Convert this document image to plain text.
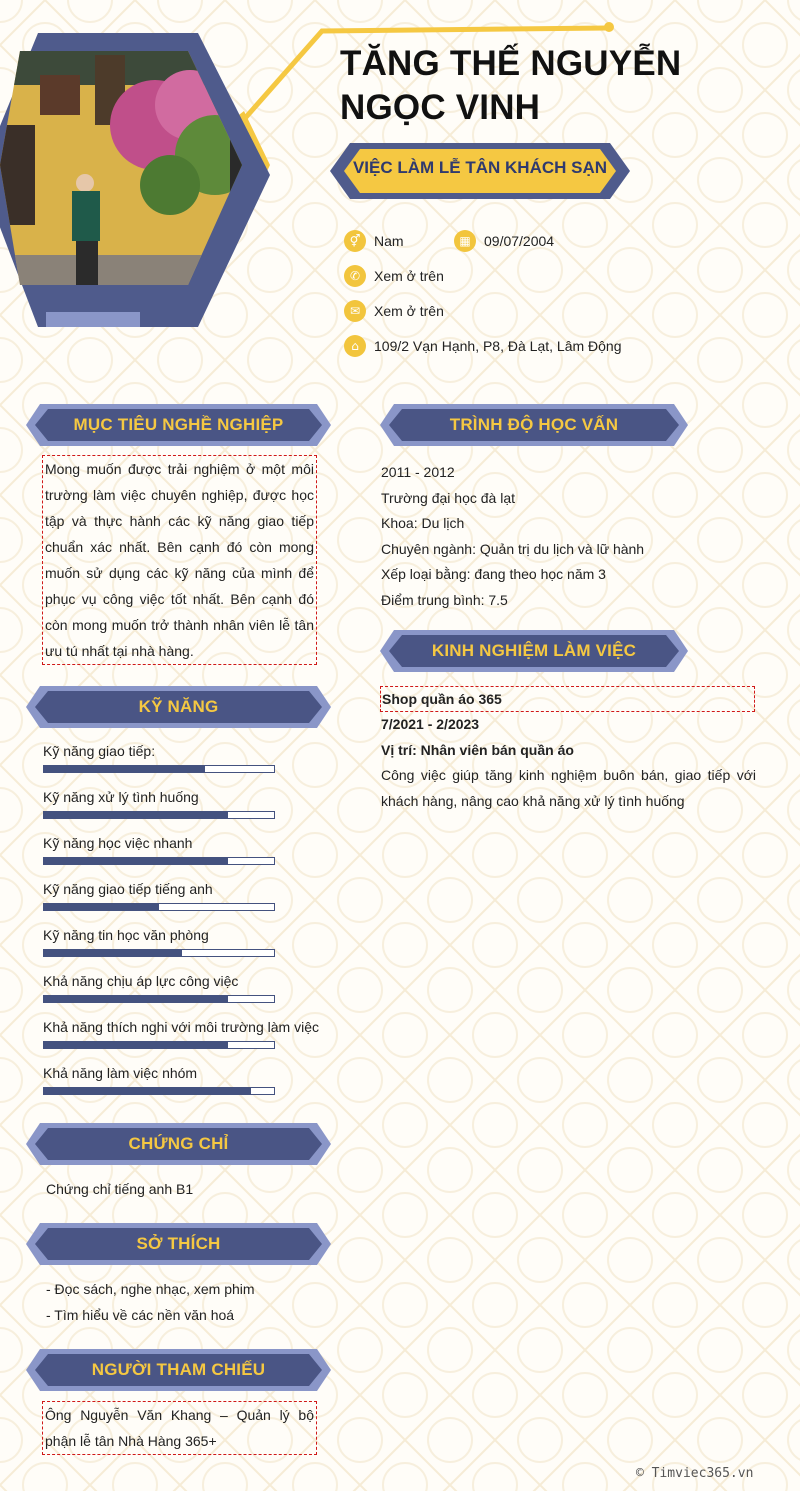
TĂNG THẾ NGUYỄN
NGỌC VINH
VIỆC LÀM LỄ TÂN KHÁCH SẠN
⚥ Nam	▦ 09/07/2004
✆ Xem ở trên
✉ Xem ở trên
⌂	109/2 Vạn Hạnh, P8, Đà Lạt, Lâm Động
MỤC TIÊU NGHỀ NGHIỆP
Mong muốn được trải nghiệm ở một môi trường làm việc chuyên nghiệp, được học tập và thực hành các kỹ năng giao tiếp chuẩn xác nhất. Bên cạnh đó còn mong muốn sử dụng các kỹ năng của mình để phục vụ công việc tốt nhất. Bên cạnh đó còn mong muốn trở thành nhân viên lễ tân ưu tú nhất tại nhà hàng.
KỸ NĂNG
Kỹ năng giao tiếp:
Kỹ năng xử lý tình huống
Kỹ năng học việc nhanh
Kỹ năng giao tiếp tiếng anh
Kỹ năng tin học văn phòng
Khả năng chịu áp lực công việc
Khả năng thích nghi với môi trường làm việc
Khả năng làm việc nhóm
CHỨNG CHỈ
Chứng chỉ tiếng anh B1
SỞ THÍCH
- Đọc sách, nghe nhạc, xem phim
- Tìm hiểu về các nền văn hoá
NGƯỜI THAM CHIẾU
Ông Nguyễn Văn Khang – Quản lý bộ phận lễ tân Nhà Hàng 365+
TRÌNH ĐỘ HỌC VẤN
2011 - 2012
Trường đại học đà lạt
Khoa: Du lịch
Chuyên ngành: Quản trị du lịch và lữ hành
Xếp loại bằng: đang theo học năm 3
Điểm trung bình: 7.5
KINH NGHIỆM LÀM VIỆC
Shop quần áo 365
7/2021 - 2/2023
Vị trí: Nhân viên bán quần áo
Công việc giúp tăng kinh nghiệm buôn bán, giao tiếp với khách hàng, nâng cao khả năng xử lý tình huống
© Timviec365.vn
